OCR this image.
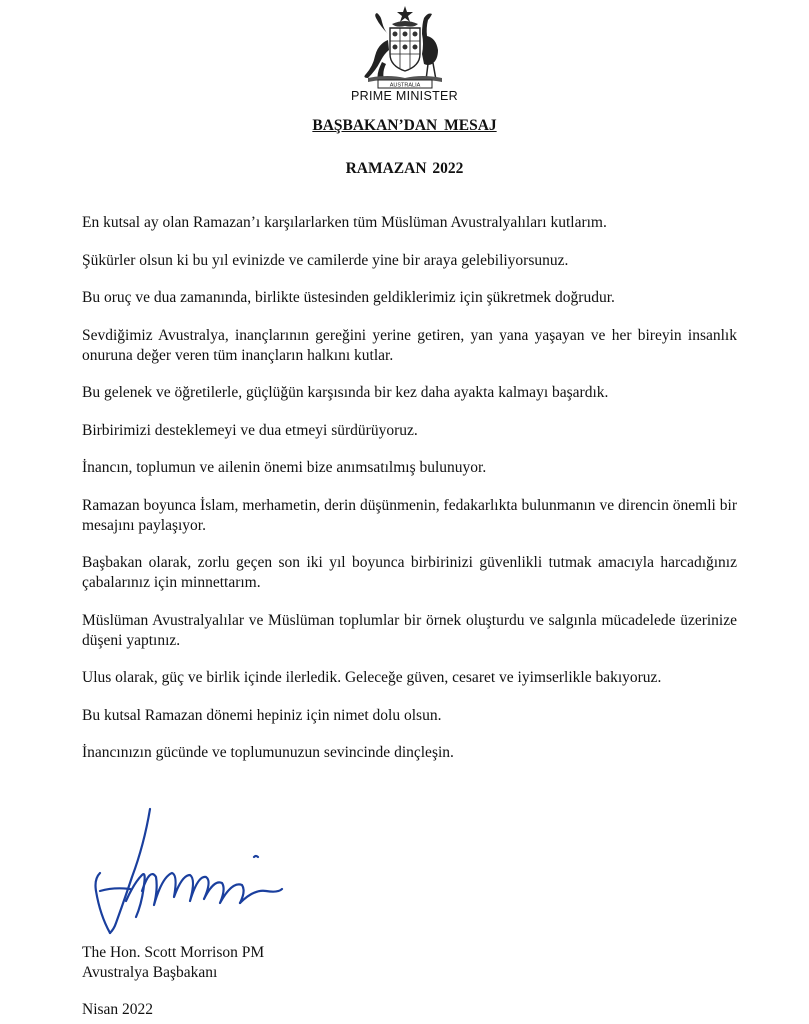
AUSTRALIA
PRIME MINISTER
BAŞBAKAN’DAN MESAJ
RAMAZAN 2022

En kutsal ay olan Ramazan’ı karşılarlarken tüm Müslüman Avustralyalıları kutlarım.

Şükürler olsun ki bu yıl evinizde ve camilerde yine bir araya gelebiliyorsunuz.

Bu oruç ve dua zamanında, birlikte üstesinden geldiklerimiz için şükretmek doğrudur.

Sevdiğimiz Avustralya, inançlarının gereğini yerine getiren, yan yana yaşayan ve her bireyin insanlık onuruna değer veren tüm inançların halkını kutlar.

Bu gelenek ve öğretilerle, güçlüğün karşısında bir kez daha ayakta kalmayı başardık.

Birbirimizi desteklemeyi ve dua etmeyi sürdürüyoruz.

İnancın, toplumun ve ailenin önemi bize anımsatılmış bulunuyor.

Ramazan boyunca İslam, merhametin, derin düşünmenin, fedakarlıkta bulunmanın ve direncin önemli bir mesajını paylaşıyor.

Başbakan olarak, zorlu geçen son iki yıl boyunca birbirinizi güvenlikli tutmak amacıyla harcadığınız çabalarınız için minnettarım.

Müslüman Avustralyalılar ve Müslüman toplumlar bir örnek oluşturdu ve salgınla mücadelede üzerinize düşeni yaptınız.

Ulus olarak, güç ve birlik içinde ilerledik. Geleceğe güven, cesaret ve iyimserlikle bakıyoruz.

Bu kutsal Ramazan dönemi hepiniz için nimet dolu olsun.

İnancınızın gücünde ve toplumunuzun sevincinde dinçleşin.

The Hon. Scott Morrison PM
Avustralya Başbakanı
Nisan 2022
